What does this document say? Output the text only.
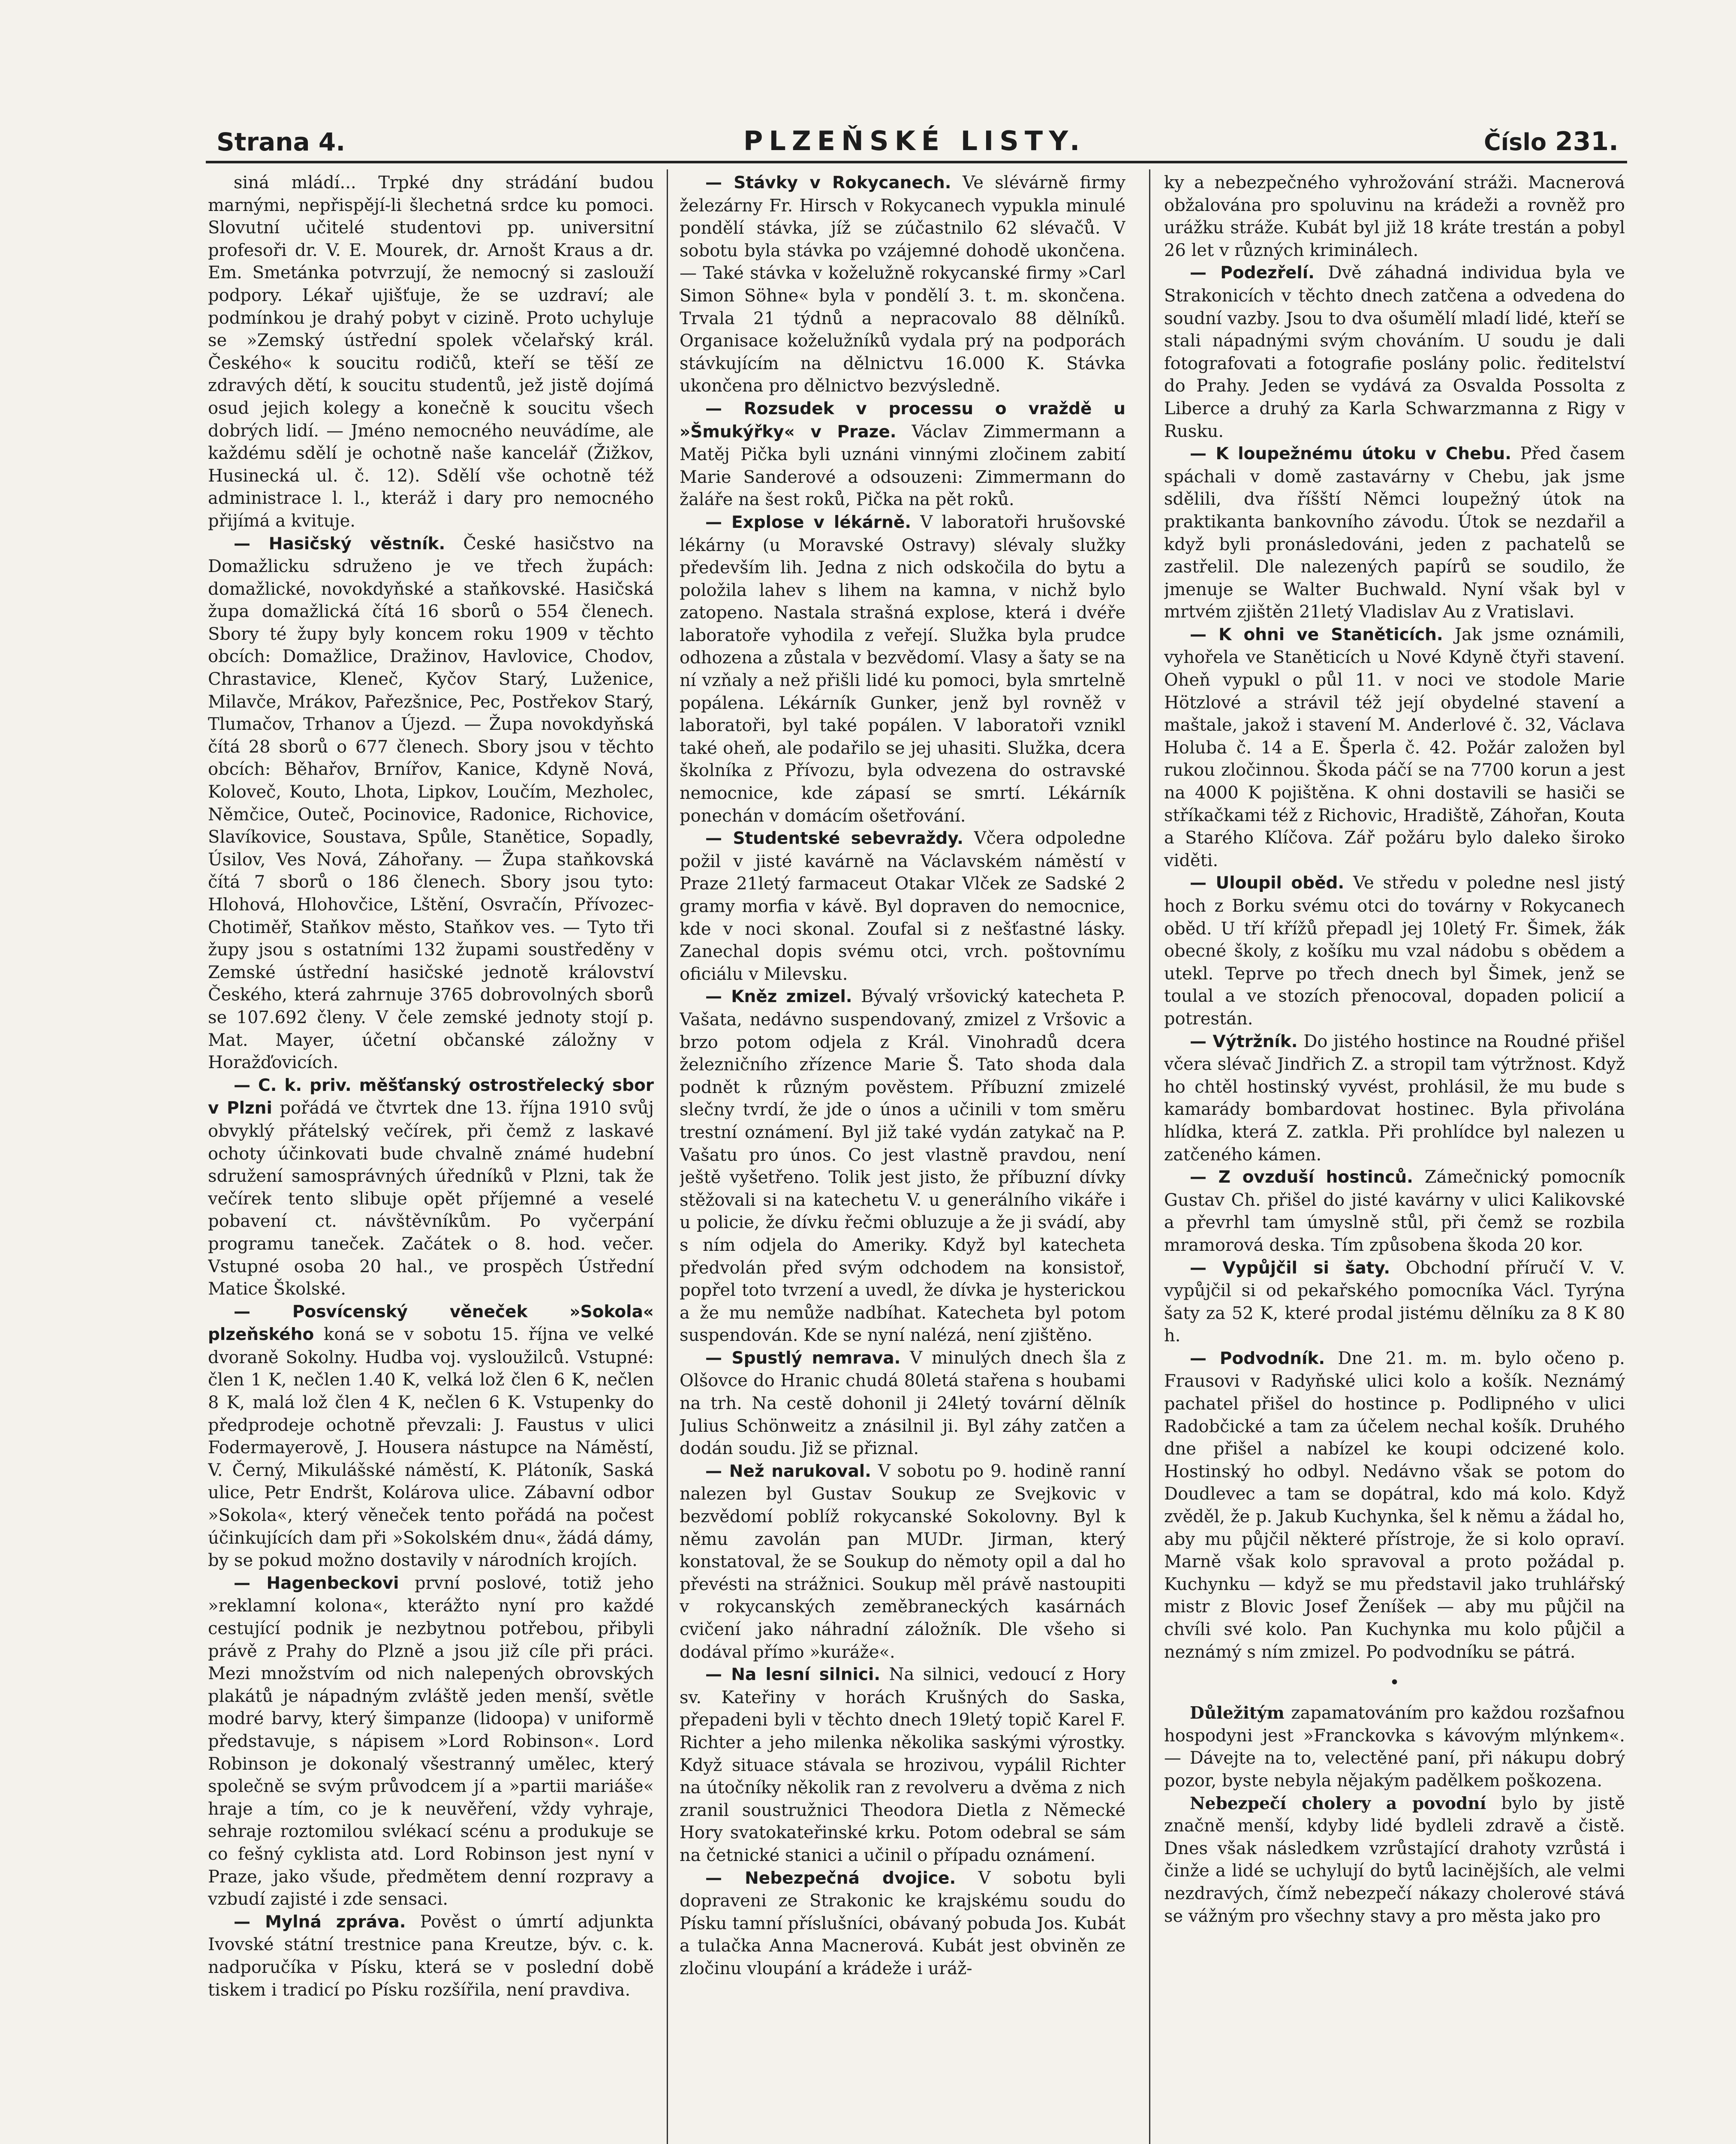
Strana 4.	PLZEŇSKÉ LISTY.	Číslo 231.

siná mládí... Trpké dny strádání budou marnými, nepřispějí-li šlechetná srdce ku pomoci. Slovutní učitelé studentovi pp. universitní profesoři dr. V. E. Mourek, dr. Arnošt Kraus a dr. Em. Smetánka potvrzují, že nemocný si zaslouží podpory. Lékař ujišťuje, že se uzdraví; ale podmínkou je drahý pobyt v cizině. Proto uchyluje se »Zemský ústřední spolek včelařský král. Českého« k soucitu rodičů, kteří se těší ze zdravých dětí, k soucitu studentů, jež jistě dojímá osud jejich kolegy a konečně k soucitu všech dobrých lidí. — Jméno nemocného neuvádíme, ale každému sdělí je ochotně naše kancelář (Žižkov, Husinecká ul. č. 12). Sdělí vše ochotně též administrace l. l., kteráž i dary pro nemocného přijímá a kvituje.

— Hasičský věstník. České hasičstvo na Domažlicku sdruženo je ve třech župách: domažlické, novokdyňské a staňkovské. Hasičská župa domažlická čítá 16 sborů o 554 členech. Sbory té župy byly koncem roku 1909 v těchto obcích: Domažlice, Dražinov, Havlovice, Chodov, Chrastavice, Kleneč, Kyčov Starý, Luženice, Milavče, Mrákov, Pařezšnice, Pec, Postřekov Starý, Tlumačov, Trhanov a Újezd. — Župa novokdyňská čítá 28 sborů o 677 členech. Sbory jsou v těchto obcích: Běhařov, Brnířov, Kanice, Kdyně Nová, Koloveč, Kouto, Lhota, Lipkov, Loučím, Mezholec, Němčice, Outeč, Pocinovice, Radonice, Richovice, Slavíkovice, Soustava, Spůle, Stanětice, Sopadly, Úsilov, Ves Nová, Záhořany. — Župa staňkovská čítá 7 sborů o 186 členech. Sbory jsou tyto: Hlohová, Hlohovčice, Lštění, Osvračín, Přívozec-Chotiměř, Staňkov město, Staňkov ves. — Tyto tři župy jsou s ostatními 132 župami soustředěny v Zemské ústřední hasičské jednotě království Českého, která zahrnuje 3765 dobrovolných sborů se 107.692 členy. V čele zemské jednoty stojí p. Mat. Mayer, účetní občanské záložny v Horažďovicích.

— C. k. priv. měšťanský ostrostřelecký sbor v Plzni pořádá ve čtvrtek dne 13. října 1910 svůj obvyklý přátelský večírek, při čemž z laskavé ochoty účinkovati bude chvalně známé hudební sdružení samosprávných úředníků v Plzni, tak že večírek tento slibuje opět příjemné a veselé pobavení ct. návštěvníkům. Po vyčerpání programu taneček. Začátek o 8. hod. večer. Vstupné osoba 20 hal., ve prospěch Ústřední Matice Školské.

— Posvícenský věneček »Sokola« plzeňského koná se v sobotu 15. října ve velké dvoraně Sokolny. Hudba voj. vysloužilců. Vstupné: člen 1 K, nečlen 1.40 K, velká lož člen 6 K, nečlen 8 K, malá lož člen 4 K, nečlen 6 K. Vstupenky do předprodeje ochotně převzali: J. Faustus v ulici Fodermayerově, J. Housera nástupce na Náměstí, V. Černý, Mikulášské náměstí, K. Plátoník, Saská ulice, Petr Endršt, Kolárova ulice. Zábavní odbor »Sokola«, který věneček tento pořádá na počest účinkujících dam při »Sokolském dnu«, žádá dámy, by se pokud možno dostavily v národních krojích.

— Hagenbeckovi první poslové, totiž jeho »reklamní kolona«, kterážto nyní pro každé cestující podnik je nezbytnou potřebou, přibyli právě z Prahy do Plzně a jsou již cíle při práci. Mezi množstvím od nich nalepených obrovských plakátů je nápadným zvláště jeden menší, světle modré barvy, který šimpanze (lidoopa) v uniformě představuje, s nápisem »Lord Robinson«. Lord Robinson je dokonalý všestranný umělec, který společně se svým průvodcem jí a »partii mariáše« hraje a tím, co je k neuvěření, vždy vyhraje, sehraje roztomilou svlékací scénu a produkuje se co fešný cyklista atd. Lord Robinson jest nyní v Praze, jako všude, předmětem denní rozpravy a vzbudí zajisté i zde sensaci.

— Mylná zpráva. Pověst o úmrtí adjunkta Ivovské státní trestnice pana Kreutze, býv. c. k. nadporučíka v Písku, která se v poslední době tiskem i tradicí po Písku rozšířila, není pravdiva.

— Stávky v Rokycanech. Ve slévárně firmy železárny Fr. Hirsch v Rokycanech vypukla minulé pondělí stávka, jíž se zúčastnilo 62 slévačů. V sobotu byla stávka po vzájemné dohodě ukončena. — Také stávka v koželužně rokycanské firmy »Carl Simon Söhne« byla v pondělí 3. t. m. skončena. Trvala 21 týdnů a nepracovalo 88 dělníků. Organisace koželužníků vydala prý na podporách stávkujícím na dělnictvu 16.000 K. Stávka ukončena pro dělnictvo bezvýsledně.

— Rozsudek v processu o vraždě u »Šmukýřky« v Praze. Václav Zimmermann a Matěj Pička byli uznáni vinnými zločinem zabití Marie Sanderové a odsouzeni: Zimmermann do žaláře na šest roků, Pička na pět roků.

— Explose v lékárně. V laboratoři hrušovské lékárny (u Moravské Ostravy) slévaly služky především lih. Jedna z nich odskočila do bytu a položila lahev s lihem na kamna, v nichž bylo zatopeno. Nastala strašná explose, která i dvéře laboratoře vyhodila z veřejí. Služka byla prudce odhozena a zůstala v bezvědomí. Vlasy a šaty se na ní vzňaly a než přišli lidé ku pomoci, byla smrtelně popálena. Lékárník Gunker, jenž byl rovněž v laboratoři, byl také popálen. V laboratoři vznikl také oheň, ale podařilo se jej uhasiti. Služka, dcera školníka z Přívozu, byla odvezena do ostravské nemocnice, kde zápasí se smrtí. Lékárník ponechán v domácím ošetřování.

— Studentské sebevraždy. Včera odpoledne požil v jisté kavárně na Václavském náměstí v Praze 21letý farmaceut Otakar Vlček ze Sadské 2 gramy morfia v kávě. Byl dopraven do nemocnice, kde v noci skonal. Zoufal si z nešťastné lásky. Zanechal dopis svému otci, vrch. poštovnímu oficiálu v Milevsku.

— Kněz zmizel. Bývalý vršovický katecheta P. Vašata, nedávno suspendovaný, zmizel z Vršovic a brzo potom odjela z Král. Vinohradů dcera železničního zřízence Marie Š. Tato shoda dala podnět k různým pověstem. Příbuzní zmizelé slečny tvrdí, že jde o únos a učinili v tom směru trestní oznámení. Byl již také vydán zatykač na P. Vašatu pro únos. Co jest vlastně pravdou, není ještě vyšetřeno. Tolik jest jisto, že příbuzní dívky stěžovali si na katechetu V. u generálního vikáře i u policie, že dívku řečmi obluzuje a že ji svádí, aby s ním odjela do Ameriky. Když byl katecheta předvolán před svým odchodem na konsistoř, popřel toto tvrzení a uvedl, že dívka je hysterickou a že mu nemůže nadbíhat. Katecheta byl potom suspendován. Kde se nyní nalézá, není zjištěno.

— Spustlý nemrava. V minulých dnech šla z Olšovce do Hranic chudá 80letá stařena s houbami na trh. Na cestě dohonil ji 24letý tovární dělník Julius Schönweitz a znásilnil ji. Byl záhy zatčen a dodán soudu. Již se přiznal.

— Než narukoval. V sobotu po 9. hodině ranní nalezen byl Gustav Soukup ze Svejkovic v bezvědomí poblíž rokycanské Sokolovny. Byl k němu zavolán pan MUDr. Jirman, který konstatoval, že se Soukup do němoty opil a dal ho převésti na strážnici. Soukup měl právě nastoupiti v rokycanských zeměbraneckých kasárnách cvičení jako náhradní záložník. Dle všeho si dodával přímo »kuráže«.

— Na lesní silnici. Na silnici, vedoucí z Hory sv. Kateřiny v horách Krušných do Saska, přepadeni byli v těchto dnech 19letý topič Karel F. Richter a jeho milenka několika saskými výrostky. Když situace stávala se hrozivou, vypálil Richter na útočníky několik ran z revolveru a dvěma z nich zranil soustružnici Theodora Dietla z Německé Hory svatokateřinské krku. Potom odebral se sám na četnické stanici a učinil o případu oznámení.

— Nebezpečná dvojice. V sobotu byli dopraveni ze Strakonic ke krajskému soudu do Písku tamní příslušníci, obávaný pobuda Jos. Kubát a tulačka Anna Macnerová. Kubát jest obviněn ze zločinu vloupání a krádeže i uráž-

ky a nebezpečného vyhrožování stráži. Macnerová obžalována pro spoluvinu na krádeži a rovněž pro urážku stráže. Kubát byl již 18 kráte trestán a pobyl 26 let v různých kriminálech.

— Podezřelí. Dvě záhadná individua byla ve Strakonicích v těchto dnech zatčena a odvedena do soudní vazby. Jsou to dva ošumělí mladí lidé, kteří se stali nápadnými svým chováním. U soudu je dali fotografovati a fotografie poslány polic. ředitelství do Prahy. Jeden se vydává za Osvalda Possolta z Liberce a druhý za Karla Schwarzmanna z Rigy v Rusku.

— K loupežnému útoku v Chebu. Před časem spáchali v domě zastavárny v Chebu, jak jsme sdělili, dva říšští Němci loupežný útok na praktikanta bankovního závodu. Útok se nezdařil a když byli pronásledováni, jeden z pachatelů se zastřelil. Dle nalezených papírů se soudilo, že jmenuje se Walter Buchwald. Nyní však byl v mrtvém zjištěn 21letý Vladislav Au z Vratislavi.

— K ohni ve Staněticích. Jak jsme oznámili, vyhořela ve Staněticích u Nové Kdyně čtyři stavení. Oheň vypukl o půl 11. v noci ve stodole Marie Hötzlové a strávil též její obydelné stavení a maštale, jakož i stavení M. Anderlové č. 32, Václava Holuba č. 14 a E. Šperla č. 42. Požár založen byl rukou zločinnou. Škoda páčí se na 7700 korun a jest na 4000 K pojištěna. K ohni dostavili se hasiči se stříkačkami též z Richovic, Hradiště, Záhořan, Kouta a Starého Klíčova. Zář požáru bylo daleko široko viděti.

— Uloupil oběd. Ve středu v poledne nesl jistý hoch z Borku svému otci do továrny v Rokycanech oběd. U tří křížů přepadl jej 10letý Fr. Šimek, žák obecné školy, z košíku mu vzal nádobu s obědem a utekl. Teprve po třech dnech byl Šimek, jenž se toulal a ve stozích přenocoval, dopaden policií a potrestán.

— Výtržník. Do jistého hostince na Roudné přišel včera slévač Jindřich Z. a stropil tam výtržnost. Když ho chtěl hostinský vyvést, prohlásil, že mu bude s kamarády bombardovat hostinec. Byla přivolána hlídka, která Z. zatkla. Při prohlídce byl nalezen u zatčeného kámen.

— Z ovzduší hostinců. Zámečnický pomocník Gustav Ch. přišel do jisté kavárny v ulici Kalikovské a převrhl tam úmyslně stůl, při čemž se rozbila mramorová deska. Tím způsobena škoda 20 kor.

— Vypůjčil si šaty. Obchodní příručí V. V. vypůjčil si od pekařského pomocníka Václ. Tyrýna šaty za 52 K, které prodal jistému dělníku za 8 K 80 h.

— Podvodník. Dne 21. m. m. bylo očeno p. Frausovi v Radyňské ulici kolo a košík. Neznámý pachatel přišel do hostince p. Podlipného v ulici Radobčické a tam za účelem nechal košík. Druhého dne přišel a nabízel ke koupi odcizené kolo. Hostinský ho odbyl. Nedávno však se potom do Doudlevec a tam se dopátral, kdo má kolo. Když zvěděl, že p. Jakub Kuchynka, šel k němu a žádal ho, aby mu půjčil některé přístroje, že si kolo opraví. Marně však kolo spravoval a proto požádal p. Kuchynku — když se mu představil jako truhlářský mistr z Blovic Josef Ženíšek — aby mu půjčil na chvíli své kolo. Pan Kuchynka mu kolo půjčil a neznámý s ním zmizel. Po podvodníku se pátrá.

•

Důležitým zapamatováním pro každou rozšafnou hospodyni jest »Franckovka s kávovým mlýnkem«. — Dávejte na to, velectěné paní, při nákupu dobrý pozor, byste nebyla nějakým padělkem poškozena.

Nebezpečí cholery a povodní bylo by jistě značně menší, kdyby lidé bydleli zdravě a čistě. Dnes však následkem vzrůstající drahoty vzrůstá i činže a lidé se uchylují do bytů lacinějších, ale velmi nezdravých, čímž nebezpečí nákazy cholerové stává se vážným pro všechny stavy a pro města jako pro
